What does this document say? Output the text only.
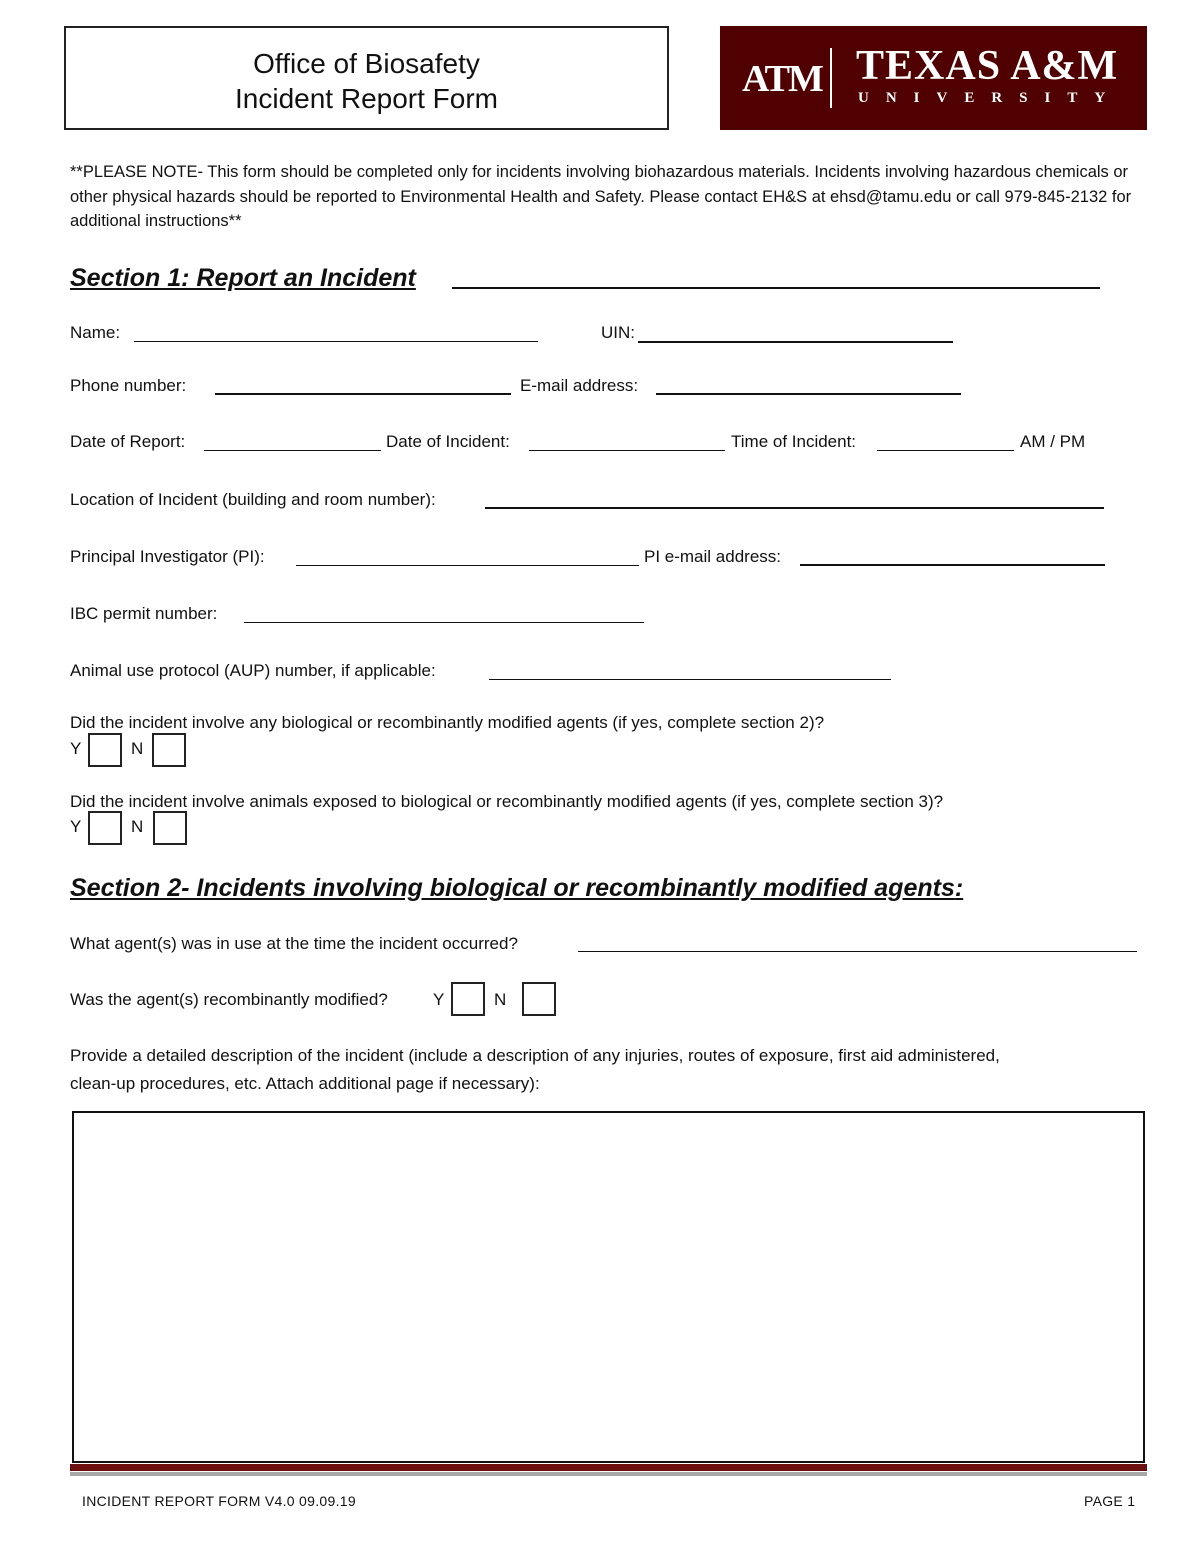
Office of Biosafety
Incident Report Form	ATM TEXAS A&M
UNIVERSITY
**PLEASE NOTE- This form should be completed only for incidents involving biohazardous materials. Incidents involving hazardous chemicals or other physical hazards should be reported to Environmental Health and Safety. Please contact EH&S at ehsd@tamu.edu or call 979-845-2132 for additional instructions**
Section 1: Report an Incident
Name:	UIN:
Phone number:	E-mail address:
Date of Report:	Date of Incident:	Time of Incident:	AM / PM
Location of Incident (building and room number):
Principal Investigator (PI):	PI e-mail address:
IBC permit number:
Animal use protocol (AUP) number, if applicable:
Did the incident involve any biological or recombinantly modified agents (if yes, complete section 2)?
Y	N
Did the incident involve animals exposed to biological or recombinantly modified agents (if yes, complete section 3)?
Y	N
Section 2- Incidents involving biological or recombinantly modified agents:
What agent(s) was in use at the time the incident occurred?
Was the agent(s) recombinantly modified?	Y	N
Provide a detailed description of the incident (include a description of any injuries, routes of exposure, first aid administered,
clean-up procedures, etc. Attach additional page if necessary):
INCIDENT REPORT FORM V4.0 09.09.19	PAGE 1
